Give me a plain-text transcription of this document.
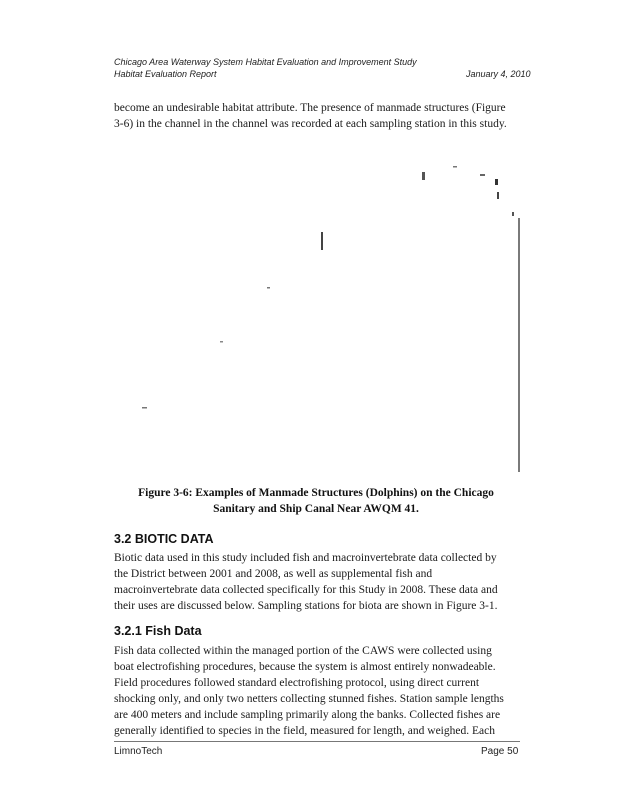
Chicago Area Waterway System Habitat Evaluation and Improvement Study
Habitat Evaluation Report	January 4, 2010
become an undesirable habitat attribute. The presence of manmade structures (Figure
3-6) in the channel in the channel was recorded at each sampling station in this study.
Figure 3-6: Examples of Manmade Structures (Dolphins) on the Chicago
Sanitary and Ship Canal Near AWQM 41.
3.2 BIOTIC DATA
Biotic data used in this study included fish and macroinvertebrate data collected by
the District between 2001 and 2008, as well as supplemental fish and
macroinvertebrate data collected specifically for this Study in 2008. These data and
their uses are discussed below. Sampling stations for biota are shown in Figure 3-1.
3.2.1 Fish Data
Fish data collected within the managed portion of the CAWS were collected using
boat electrofishing procedures, because the system is almost entirely nonwadeable.
Field procedures followed standard electrofishing protocol, using direct current
shocking only, and only two netters collecting stunned fishes. Station sample lengths
are 400 meters and include sampling primarily along the banks. Collected fishes are
generally identified to species in the field, measured for length, and weighed. Each
LimnoTech	Page 50
